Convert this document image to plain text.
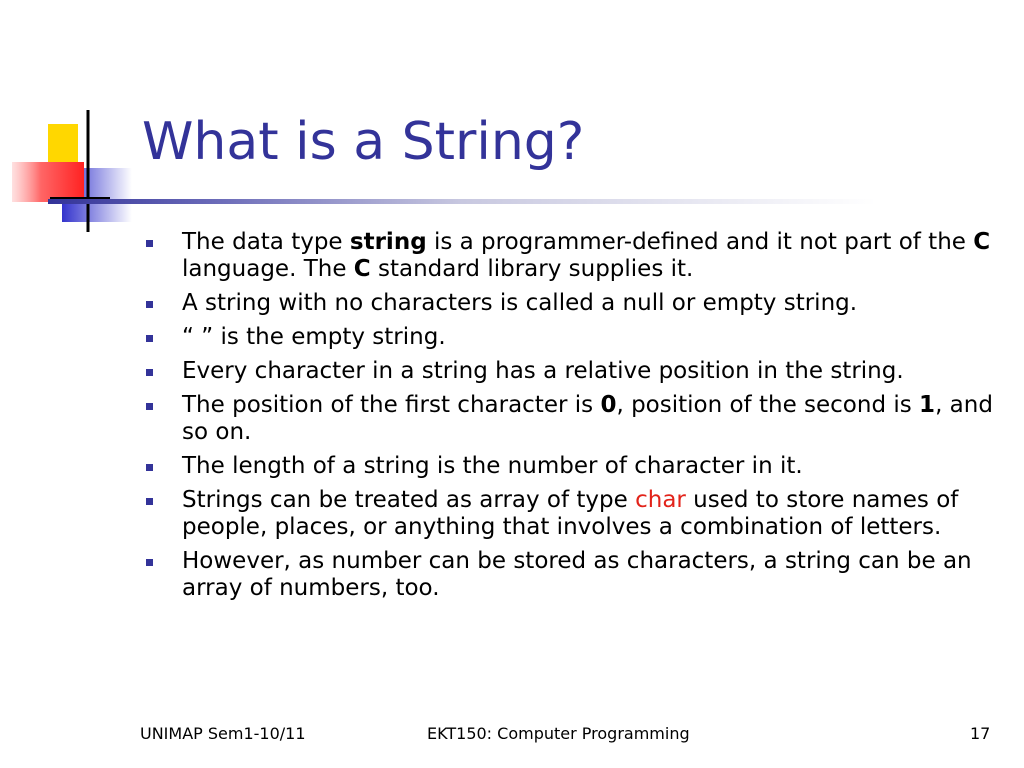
What is a String?
The data type string is a programmer-defined and it not part of the C language. The C standard library supplies it.
A string with no characters is called a null or empty string.
“ ” is the empty string.
Every character in a string has a relative position in the string.
The position of the first character is 0, position of the second is 1, and so on.
The length of a string is the number of character in it.
Strings can be treated as array of type char used to store names of people, places, or anything that involves a combination of letters.
However, as number can be stored as characters, a string can be an array of numbers, too.
UNIMAP Sem1-10/11	EKT150: Computer Programming	17
